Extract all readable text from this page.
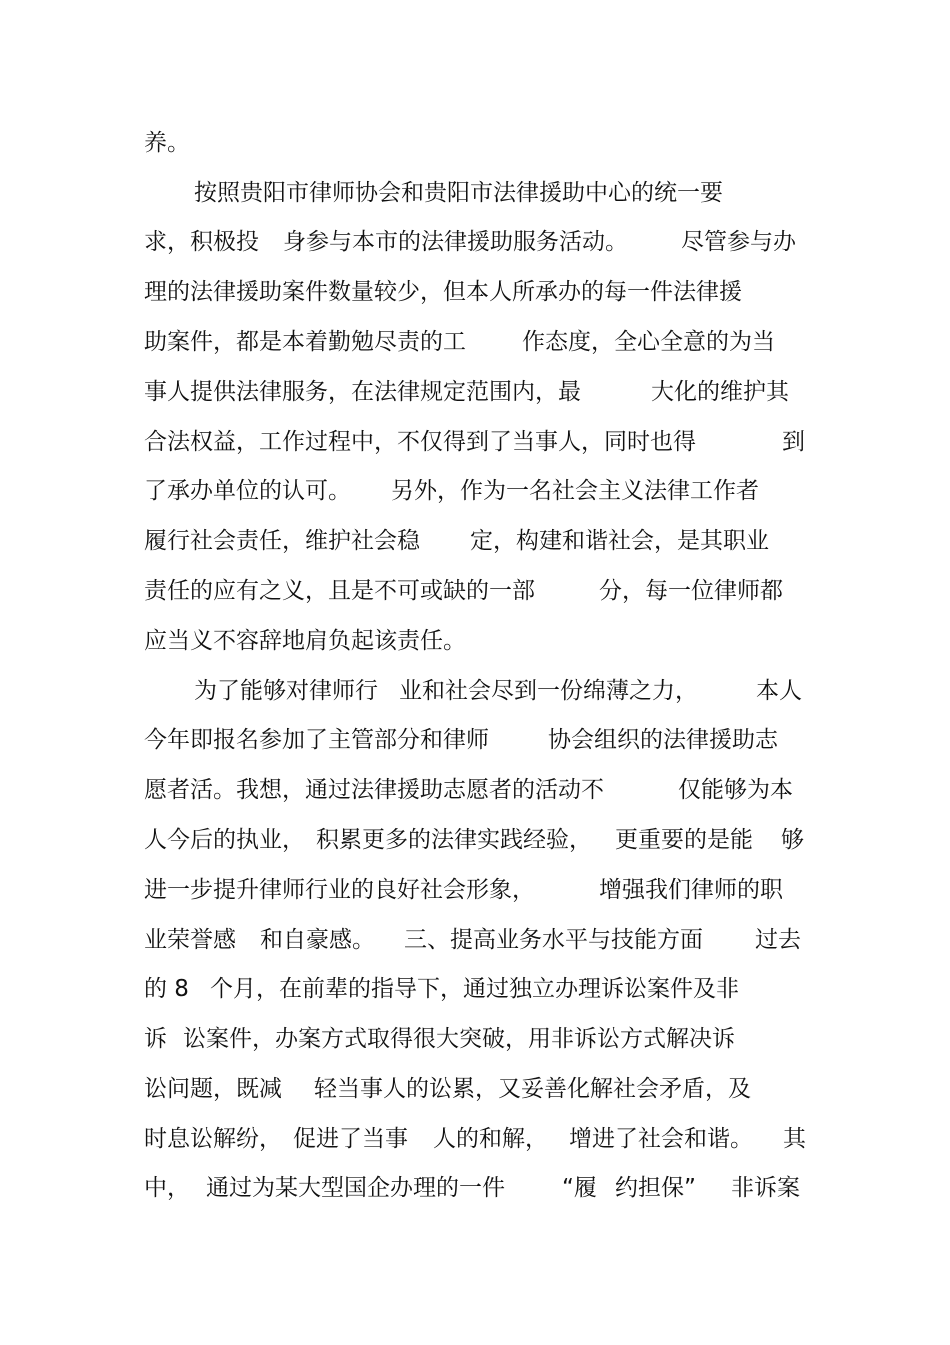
养。
按照贵阳市律师协会和贵阳市法律援助中心的统一要
求，积极投 身参与本市的法律援助服务活动。 尽管参与办
理的法律援助案件数量较少，但本人所承办的每一件法律援
助案件，都是本着勤勉尽责的工 作态度，全心全意的为当
事人提供法律服务，在法律规定范围内，最	大化的维护其
合法权益，工作过程中，不仅得到了当事人，同时也得	到
了承办单位的认可。 另外，作为一名社会主义法律工作者
履行社会责任，维护社会稳 定，构建和谐社会，是其职业
责任的应有之义，且是不可或缺的一部	分，每一位律师都
应当义不容辞地肩负起该责任。
为了能够对律师行 业和社会尽到一份绵薄之力，	本人
今年即报名参加了主管部分和律师	协会组织的法律援助志
愿者活。我想，通过法律援助志愿者的活动不	仅能够为本
人今后的执业， 积累更多的法律实践经验， 更重要的是能 够
进一步提升律师行业的良好社会形象，	增强我们律师的职
业荣誉感 和自豪感。 三、提高业务水平与技能方面 过去
的 8 个月，在前辈的指导下，通过独立办理诉讼案件及非
诉 讼案件，办案方式取得很大突破，用非诉讼方式解决诉
讼问题，既减 轻当事人的讼累，又妥善化解社会矛盾，及
时息讼解纷， 促进了当事 人的和解， 增进了社会和谐。 其
中， 通过为某大型国企办理的一件 “履 约担保” 非诉案
